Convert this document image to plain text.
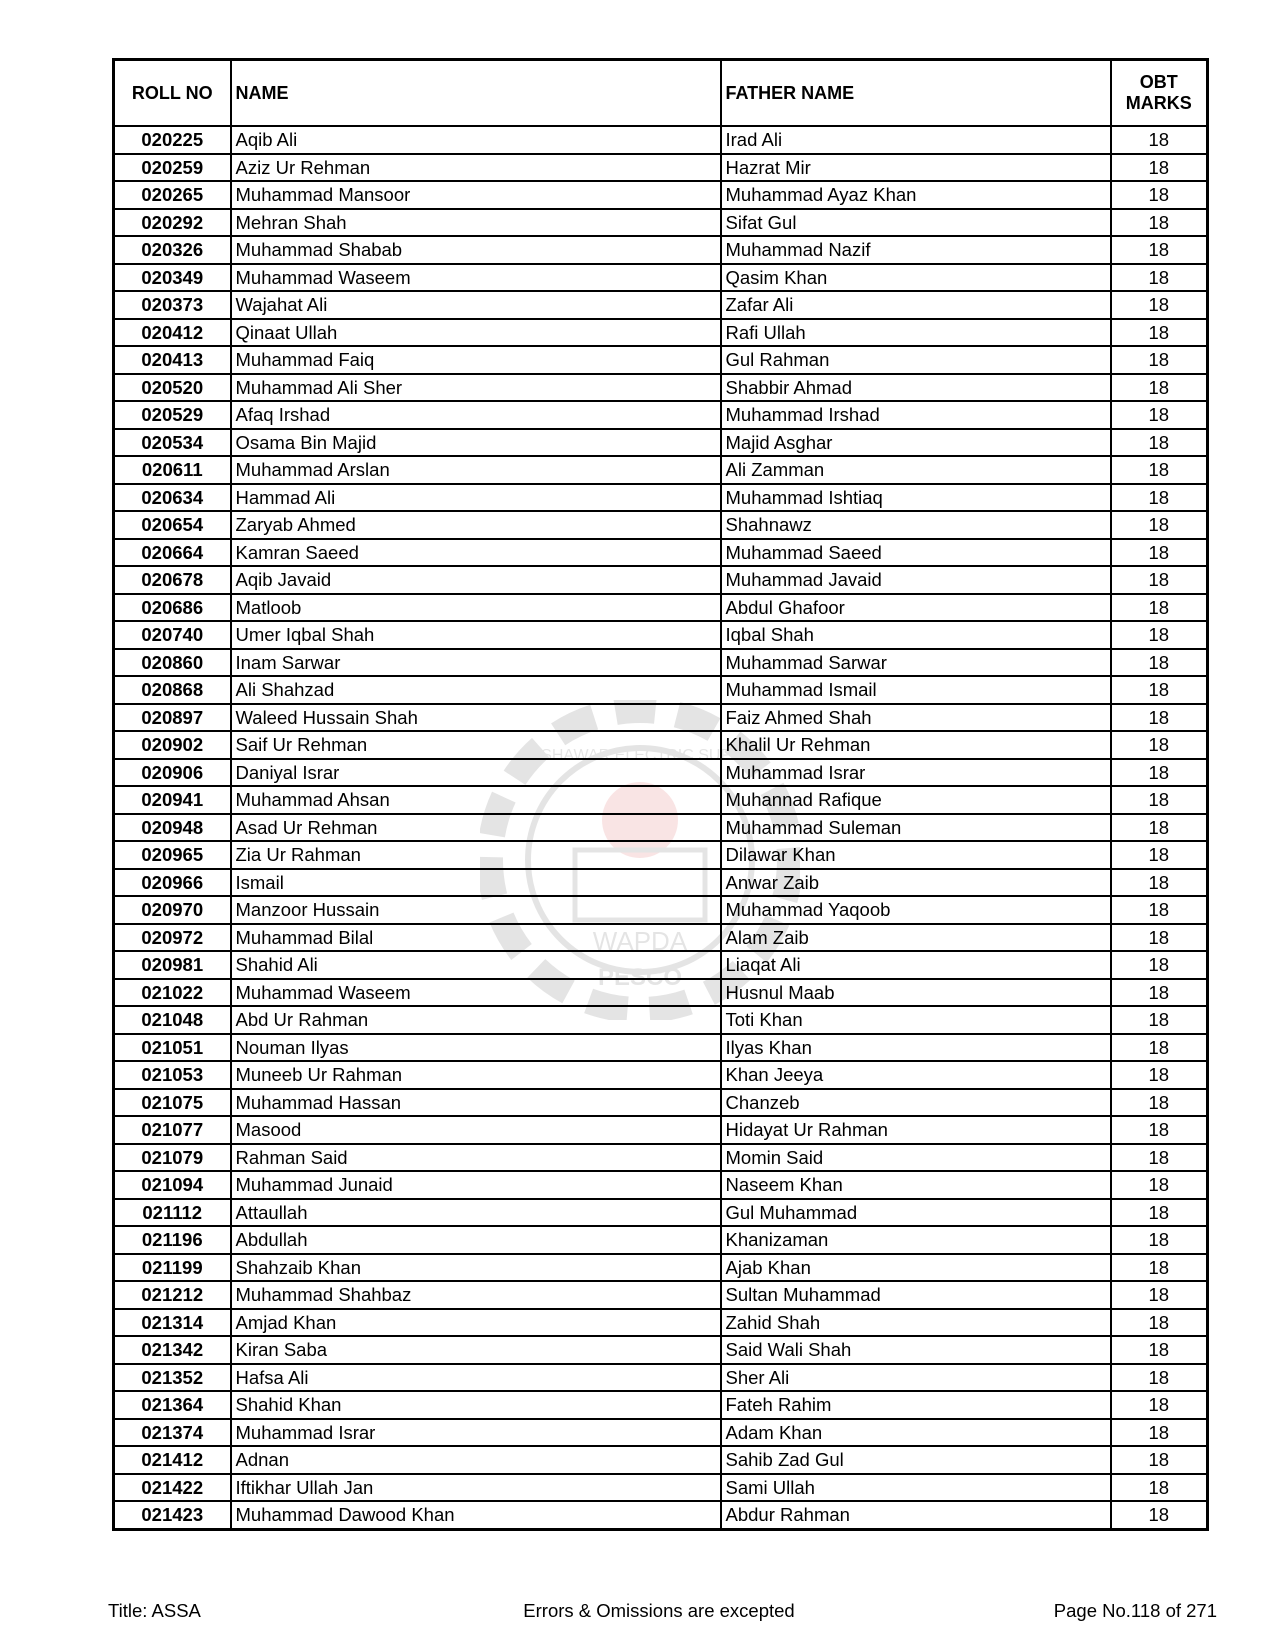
WAPDA
PESCO
PESHAWAR ELECTRIC SUPPLY
ROLL NO	NAME	FATHER NAME	OBT
MARKS

020225	Aqib Ali	Irad Ali	18
020259	Aziz Ur Rehman	Hazrat Mir	18
020265	Muhammad Mansoor	Muhammad Ayaz Khan	18
020292	Mehran Shah	Sifat Gul	18
020326	Muhammad Shabab	Muhammad Nazif	18
020349	Muhammad Waseem	Qasim Khan	18
020373	Wajahat Ali	Zafar Ali	18
020412	Qinaat Ullah	Rafi Ullah	18
020413	Muhammad Faiq	Gul Rahman	18
020520	Muhammad Ali Sher	Shabbir Ahmad	18
020529	Afaq Irshad	Muhammad Irshad	18
020534	Osama Bin Majid	Majid Asghar	18
020611	Muhammad Arslan	Ali Zamman	18
020634	Hammad Ali	Muhammad Ishtiaq	18
020654	Zaryab Ahmed	Shahnawz	18
020664	Kamran Saeed	Muhammad Saeed	18
020678	Aqib Javaid	Muhammad Javaid	18
020686	Matloob	Abdul Ghafoor	18
020740	Umer Iqbal Shah	Iqbal Shah	18
020860	Inam Sarwar	Muhammad Sarwar	18
020868	Ali Shahzad	Muhammad Ismail	18
020897	Waleed Hussain Shah	Faiz Ahmed Shah	18
020902	Saif Ur Rehman	Khalil Ur Rehman	18
020906	Daniyal Israr	Muhammad Israr	18
020941	Muhammad Ahsan	Muhannad Rafique	18
020948	Asad Ur Rehman	Muhammad Suleman	18
020965	Zia Ur Rahman	Dilawar Khan	18
020966	Ismail	Anwar Zaib	18
020970	Manzoor Hussain	Muhammad Yaqoob	18
020972	Muhammad Bilal	Alam Zaib	18
020981	Shahid Ali	Liaqat Ali	18
021022	Muhammad Waseem	Husnul Maab	18
021048	Abd Ur Rahman	Toti Khan	18
021051	Nouman Ilyas	Ilyas Khan	18
021053	Muneeb Ur Rahman	Khan Jeeya	18
021075	Muhammad Hassan	Chanzeb	18
021077	Masood	Hidayat Ur Rahman	18
021079	Rahman Said	Momin Said	18
021094	Muhammad Junaid	Naseem Khan	18
021112	Attaullah	Gul Muhammad	18
021196	Abdullah	Khanizaman	18
021199	Shahzaib Khan	Ajab Khan	18
021212	Muhammad Shahbaz	Sultan Muhammad	18
021314	Amjad Khan	Zahid Shah	18
021342	Kiran Saba	Said Wali Shah	18
021352	Hafsa Ali	Sher Ali	18
021364	Shahid Khan	Fateh Rahim	18
021374	Muhammad Israr	Adam Khan	18
021412	Adnan	Sahib Zad Gul	18
021422	Iftikhar Ullah Jan	Sami Ullah	18
021423	Muhammad Dawood Khan	Abdur Rahman	18
Title: ASSA	Errors & Omissions are excepted	Page No.118 of 271
